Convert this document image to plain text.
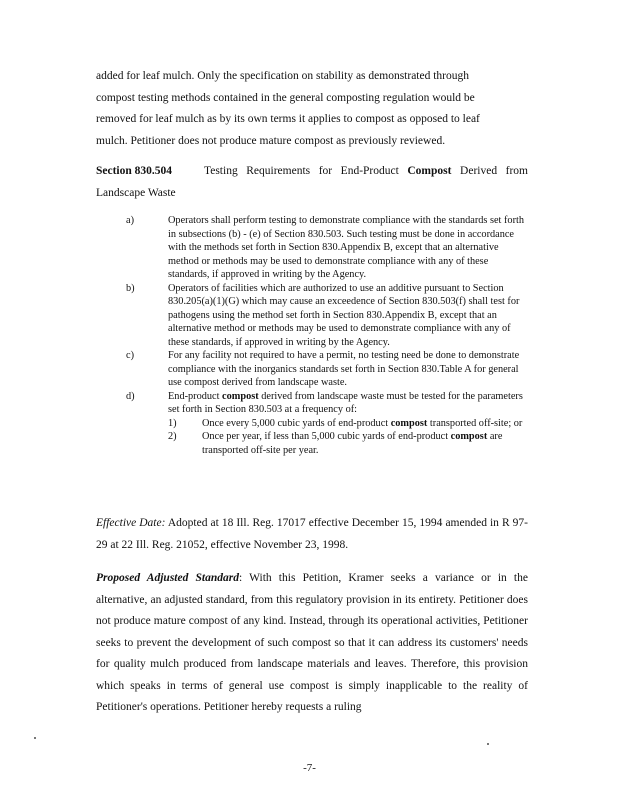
added for leaf mulch. Only the specification on stability as demonstrated through

compost testing methods contained in the general composting regulation would be

removed for leaf mulch as by its own terms it applies to compost as opposed to leaf

mulch. Petitioner does not produce mature compost as previously reviewed.

Section 830.504	Testing Requirements for End-Product Compost Derived from Landscape Waste
a)	Operators shall perform testing to demonstrate compliance with the standards set forth in subsections (b) - (e) of Section 830.503. Such testing must be done in accordance with the methods set forth in Section 830.Appendix B, except that an alternative method or methods may be used to demonstrate compliance with any of these standards, if approved in writing by the Agency.
b)	Operators of facilities which are authorized to use an additive pursuant to Section 830.205(a)(1)(G) which may cause an exceedence of Section 830.503(f) shall test for pathogens using the method set forth in Section 830.Appendix B, except that an alternative method or methods may be used to demonstrate compliance with any of these standards, if approved in writing by the Agency.
c)	For any facility not required to have a permit, no testing need be done to demonstrate compliance with the inorganics standards set forth in Section 830.Table A for general use compost derived from landscape waste.
d)	End-product compost derived from landscape waste must be tested for the parameters set forth in Section 830.503 at a frequency of:
1)	Once every 5,000 cubic yards of end-product compost transported off-site; or
2)	Once per year, if less than 5,000 cubic yards of end-product compost are transported off-site per year.

Effective Date: Adopted at 18 Ill. Reg. 17017 effective December 15, 1994 amended in R 97-29 at 22 Ill. Reg. 21052, effective November 23, 1998.

Proposed Adjusted Standard: With this Petition, Kramer seeks a variance or in the alternative, an adjusted standard, from this regulatory provision in its entirety. Petitioner does not produce mature compost of any kind. Instead, through its operational activities, Petitioner seeks to prevent the development of such compost so that it can address its customers' needs for quality mulch produced from landscape materials and leaves. Therefore, this provision which speaks in terms of general use compost is simply inapplicable to the reality of Petitioner's operations. Petitioner hereby requests a ruling

-7-
